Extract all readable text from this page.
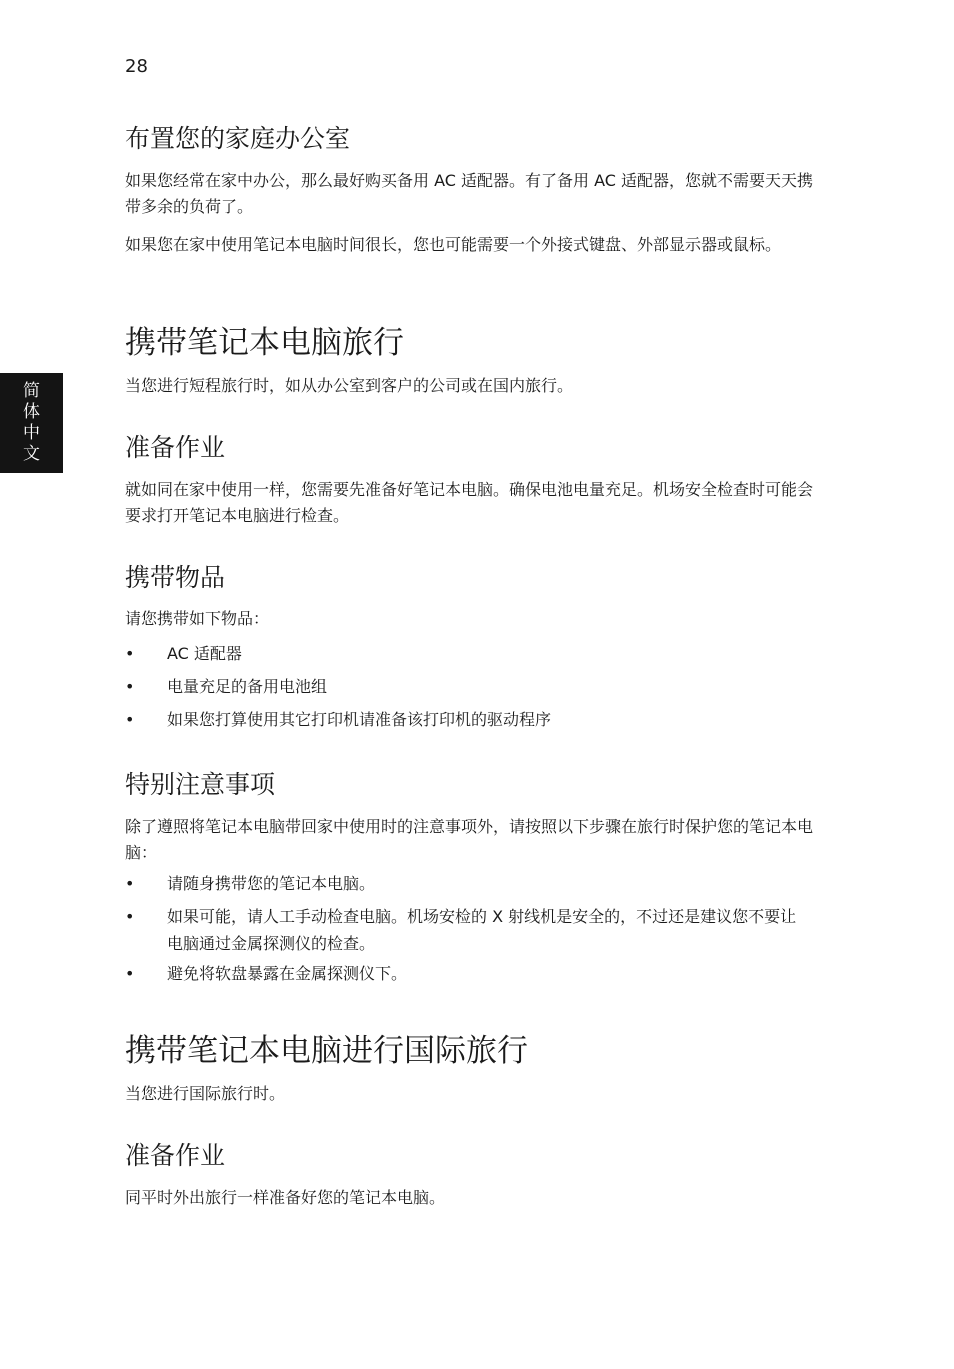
28
简
体
中
文
布置您的家庭办公室

如果您经常在家中办公，那么最好购买备用 AC 适配器。有了备用 AC 适配器，您就不需要天天携带多余的负荷了。

如果您在家中使用笔记本电脑时间很长，您也可能需要一个外接式键盘、外部显示器或鼠标。

携带笔记本电脑旅行

当您进行短程旅行时，如从办公室到客户的公司或在国内旅行。

准备作业

就如同在家中使用一样，您需要先准备好笔记本电脑。确保电池电量充足。机场安全检查时可能会要求打开笔记本电脑进行检查。

携带物品

请您携带如下物品：

• AC 适配器
• 电量充足的备用电池组
• 如果您打算使用其它打印机请准备该打印机的驱动程序
特别注意事项

除了遵照将笔记本电脑带回家中使用时的注意事项外，请按照以下步骤在旅行时保护您的笔记本电脑：

• 请随身携带您的笔记本电脑。
• 如果可能，请人工手动检查电脑。机场安检的 X 射线机是安全的，不过还是建议您不要让电脑通过金属探测仪的检查。
• 避免将软盘暴露在金属探测仪下。
携带笔记本电脑进行国际旅行

当您进行国际旅行时。

准备作业

同平时外出旅行一样准备好您的笔记本电脑。
